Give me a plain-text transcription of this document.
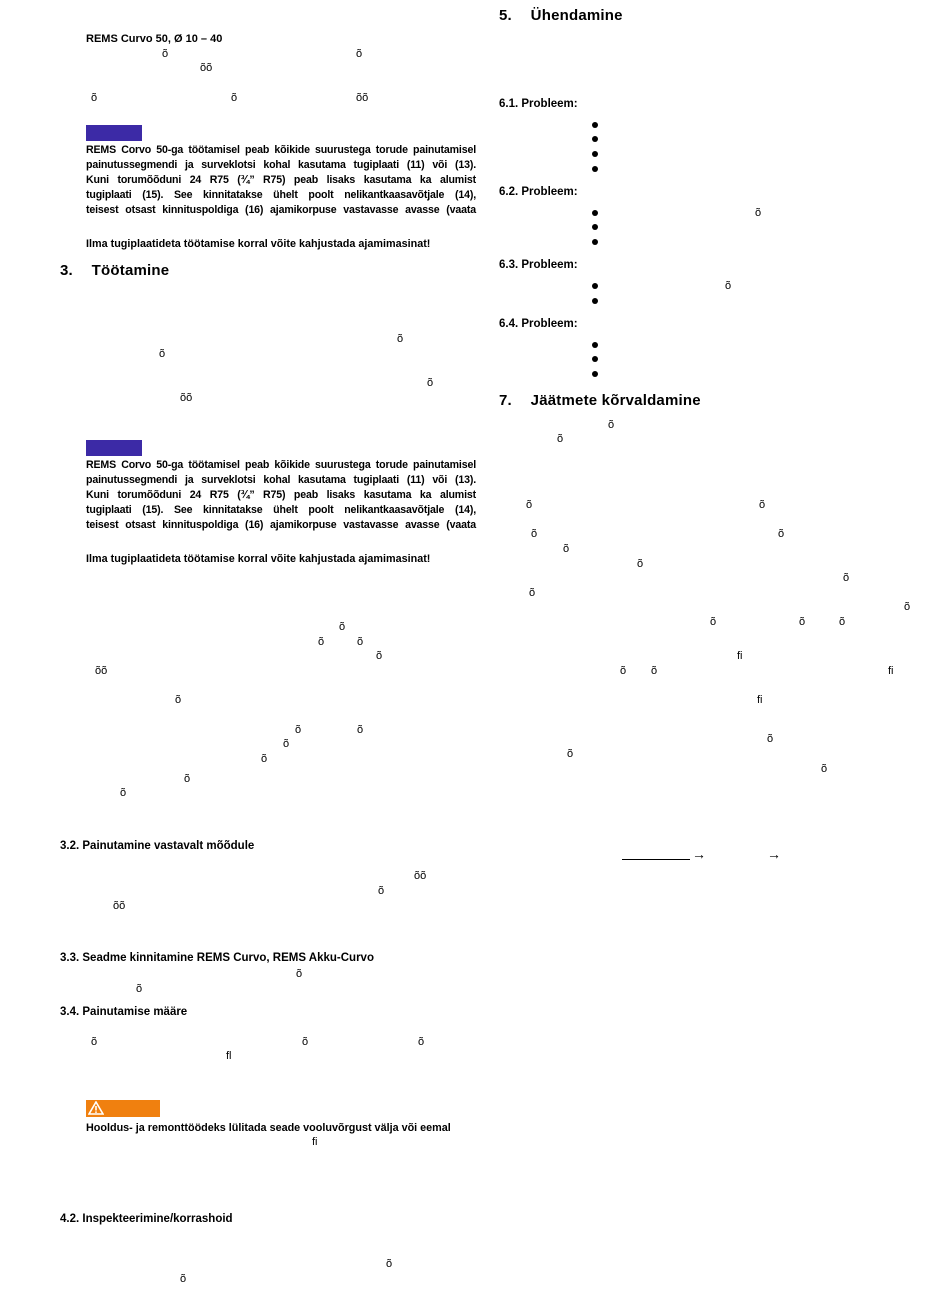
REMS Curvo 50, Ø 10 – 40
õ	õ
õõ
õ	õ	õõ
REMS Corvo 50-ga töötamisel peab kõikide suurustega torude painutamisel
painutussegmendi ja surveklotsi kohal kasutama tugiplaati (11) või (13).
Kuni torumõõduni 24 R75 (¾” R75) peab lisaks kasutama ka alumist
tugiplaati (15). See kinnitatakse ühelt poolt nelikantkaasavõtjale (14),
teisest otsast kinnituspoldiga (16) ajamikorpuse vastavasse avasse (vaata
Ilma tugiplaatideta töötamise korral võite kahjustada ajamimasinat!
3. Töötamine
õ
õ
õ
õõ
REMS Corvo 50-ga töötamisel peab kõikide suurustega torude painutamisel
painutussegmendi ja surveklotsi kohal kasutama tugiplaati (11) või (13).
Kuni torumõõduni 24 R75 (¾” R75) peab lisaks kasutama ka alumist
tugiplaati (15). See kinnitatakse ühelt poolt nelikantkaasavõtjale (14),
teisest otsast kinnituspoldiga (16) ajamikorpuse vastavasse avasse (vaata
Ilma tugiplaatideta töötamise korral võite kahjustada ajamimasinat!
õ
õ	õ
õ
õõ
õ
õ	õ
õ
õ
õ
õ
3.2. Painutamine vastavalt mõõdule
õõ
õ
õõ
3.3. Seadme kinnitamine REMS Curvo, REMS Akku-Curvo
õ
õ
3.4. Painutamise määre
õ	õ	õ
fl
Hooldus- ja remonttöödeks lülitada seade vooluvõrgust välja või eemal
fi
4.2. Inspekteerimine/korrashoid
õ
õ
5. Ühendamine
6.1. Probleem:
6.2. Probleem:
õ
6.3. Probleem:
õ
6.4. Probleem:
7. Jäätmete kõrvaldamine
õ
õ
õ	õ
õ	õ
õ
õ
õ
õ
õ
õ	õ	õ
fi
õ õ	fi
fi
õ
õ
õ
→	→
